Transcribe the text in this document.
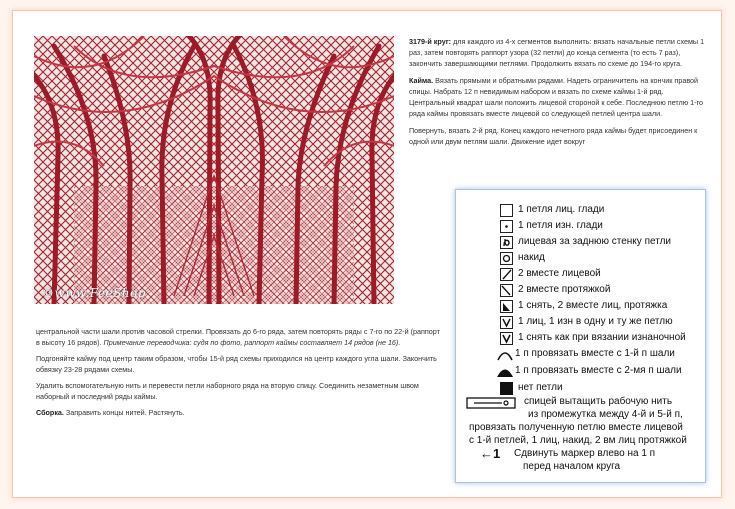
©www.FeeShop

3179-й круг: для каждого из 4-х сегментов выполнить: вязать начальные петли схемы 1 раз, затем повторять раппорт узора (32 петли) до конца сегмента (то есть 7 раз), закончить завершающими петлями. Продолжить вязать по схеме до 194-го круга.

Кайма. Вязать прямыми и обратными рядами. Надеть ограничитель на кончик правой спицы. Набрать 12 п невидимым набором и вязать по схеме каймы 1-й ряд. Центральный квадрат шали положить лицевой стороной к себе. Последнюю петлю 1-го ряда каймы провязать вместе лицевой со следующей петлей центра шали.

Повернуть, вязать 2-й ряд. Конец каждого нечетного ряда каймы будет присоединен к одной или двум петлям шали. Движение идет вокруг

центральной части шали против часовой стрелки. Провязать до 6-го ряда, затем повторять ряды с 7-го по 22-й (раппорт в высоту 16 рядов). Примечание переводчика: судя по фото, раппорт каймы составляет 14 рядов (не 16).

Подгоняйте кайму под центр таким образом, чтобы 15-й ряд схемы приходился на центр каждого угла шали. Закончить обвязку 23-28 рядами схемы.

Удалить вспомогательную нить и перевести петли наборного ряда на вторую спицу. Соединить незаметным швом наборный и последний ряды каймы.

Сборка. Заправить концы нитей. Растянуть.

1 петля лиц. глади
1 петля изн. глади
лицевая за заднюю стенку петли
накид
2 вместе лицевой
2 вместе протяжкой
1 снять, 2 вместе лиц, протяжка
1 лиц, 1 изн в одну и ту же петлю
1 снять как при вязании изнаночной
1 п провязать вместе с 1-й п шали
1 п провязать вместе с 2-мя п шали
нет петли
спицей вытащить рабочую нить
из промежутка между 4-й и 5-й п,
провязать полученную петлю вместе лицевой
с 1-й петлей, 1 лиц, накид, 2 вм лиц протяжкой
←1	Сдвинуть маркер влево на 1 п
перед началом круга
